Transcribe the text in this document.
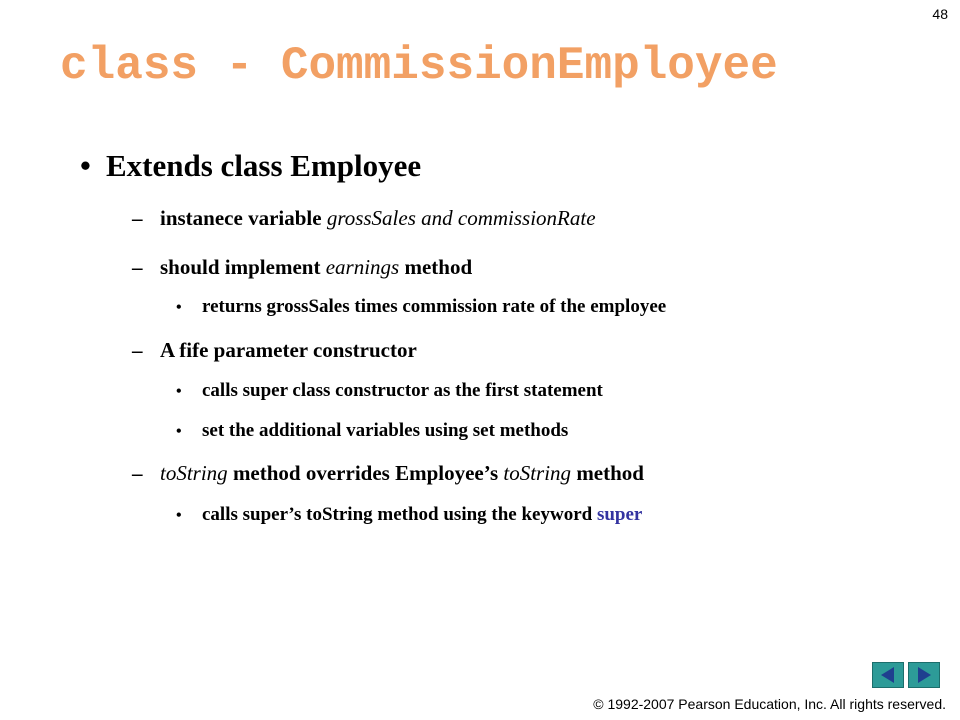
48
class - CommissionEmployee
• Extends class Employee
– instanece variable grossSales and commissionRate
– should implement earnings method
• returns grossSales times commission rate of the employee
– A fife parameter constructor
• calls super class constructor as the first statement
• set the additional variables using set methods
– toString method overrides Employee’s toString method
• calls super’s toString method using the keyword super
© 1992-2007 Pearson Education, Inc. All rights reserved.
